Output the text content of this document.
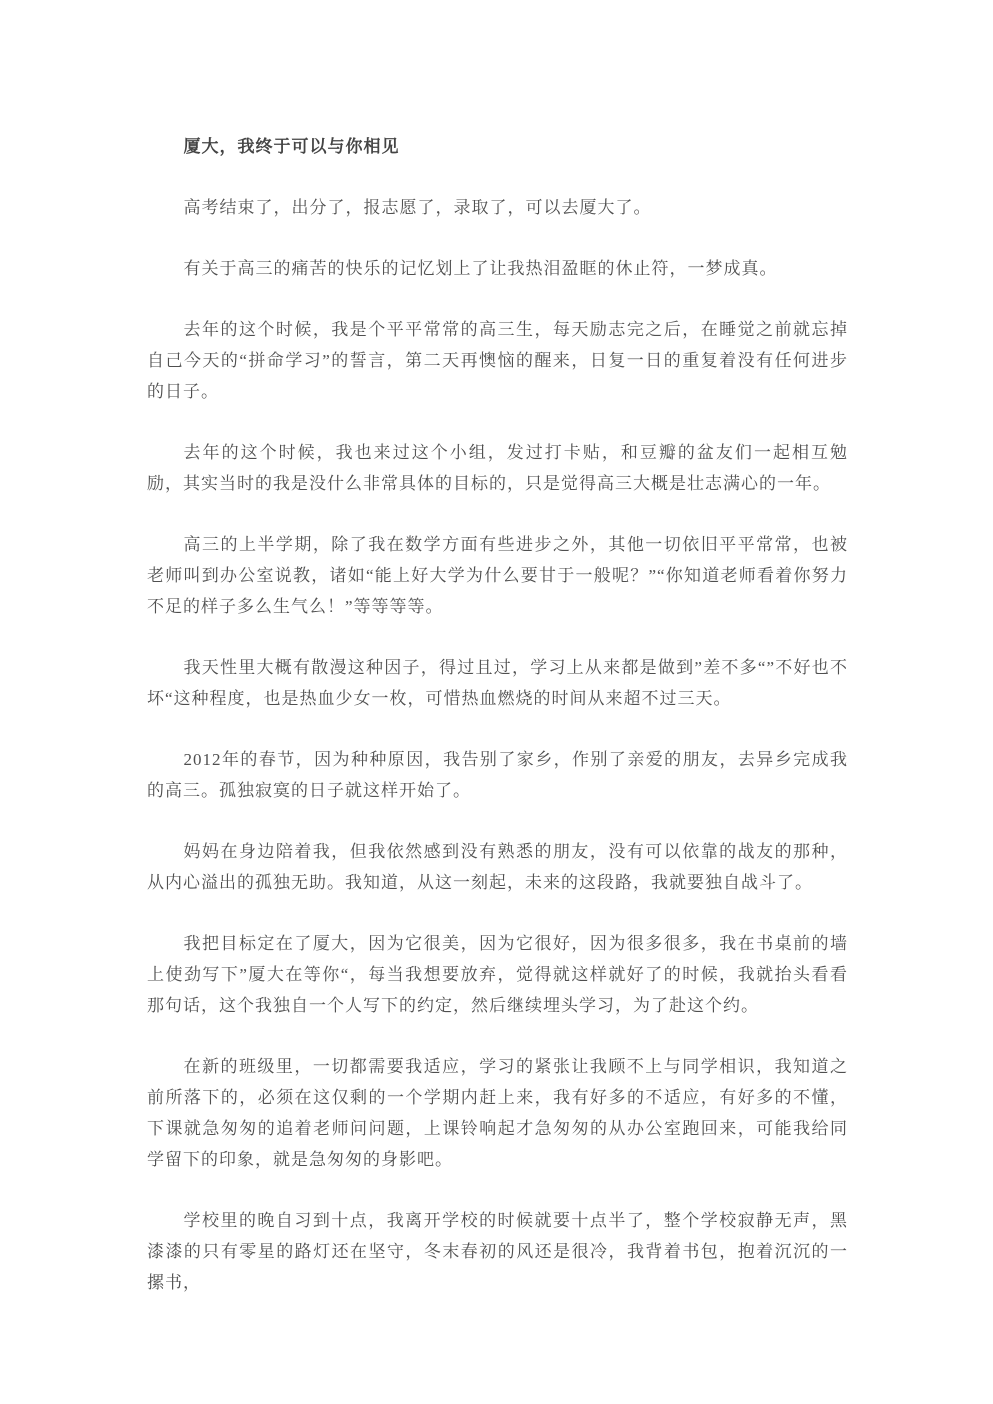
厦大，我终于可以与你相见

高考结束了，出分了，报志愿了，录取了，可以去厦大了。

有关于高三的痛苦的快乐的记忆划上了让我热泪盈眶的休止符，一梦成真。

去年的这个时候，我是个平平常常的高三生，每天励志完之后，在睡觉之前就忘掉自己今天的“拼命学习”的誓言，第二天再懊恼的醒来，日复一日的重复着没有任何进步的日子。

去年的这个时候，我也来过这个小组，发过打卡贴，和豆瓣的盆友们一起相互勉励，其实当时的我是没什么非常具体的目标的，只是觉得高三大概是壮志满心的一年。

高三的上半学期，除了我在数学方面有些进步之外，其他一切依旧平平常常，也被老师叫到办公室说教，诸如“能上好大学为什么要甘于一般呢？”“你知道老师看着你努力不足的样子多么生气么！”等等等等。

我天性里大概有散漫这种因子，得过且过，学习上从来都是做到”差不多“”不好也不坏“这种程度，也是热血少女一枚，可惜热血燃烧的时间从来超不过三天。

2012年的春节，因为种种原因，我告别了家乡，作别了亲爱的朋友，去异乡完成我的高三。孤独寂寞的日子就这样开始了。

妈妈在身边陪着我，但我依然感到没有熟悉的朋友，没有可以依靠的战友的那种，从内心溢出的孤独无助。我知道，从这一刻起，未来的这段路，我就要独自战斗了。

我把目标定在了厦大，因为它很美，因为它很好，因为很多很多，我在书桌前的墙上使劲写下”厦大在等你“，每当我想要放弃，觉得就这样就好了的时候，我就抬头看看那句话，这个我独自一个人写下的约定，然后继续埋头学习，为了赴这个约。

在新的班级里，一切都需要我适应，学习的紧张让我顾不上与同学相识，我知道之前所落下的，必须在这仅剩的一个学期内赶上来，我有好多的不适应，有好多的不懂，下课就急匆匆的追着老师问问题，上课铃响起才急匆匆的从办公室跑回来，可能我给同学留下的印象，就是急匆匆的身影吧。

学校里的晚自习到十点，我离开学校的时候就要十点半了，整个学校寂静无声，黑漆漆的只有零星的路灯还在坚守，冬末春初的风还是很冷，我背着书包，抱着沉沉的一摞书，
